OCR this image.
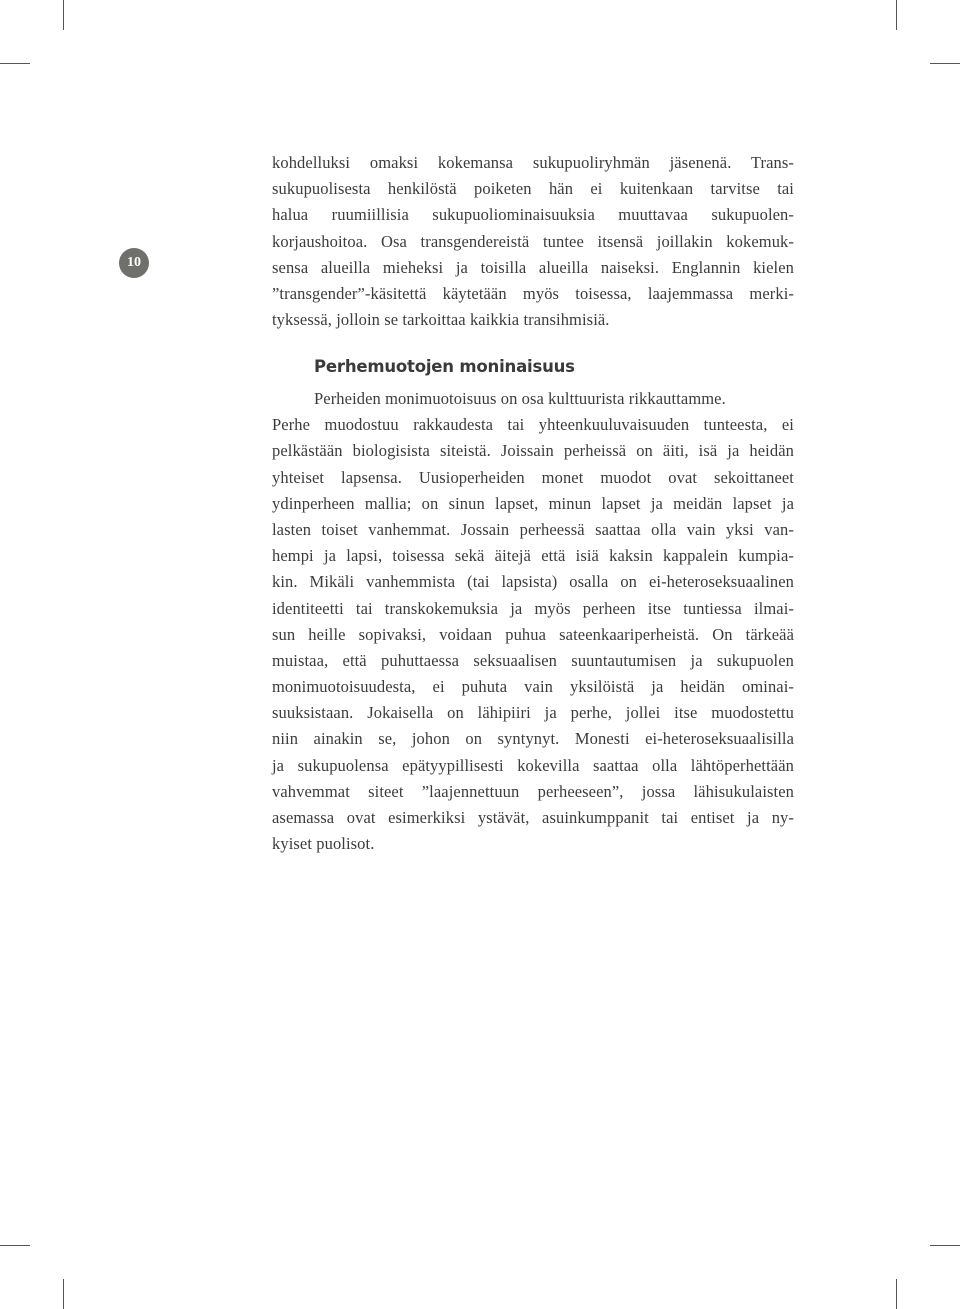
10
kohdelluksi omaksi kokemansa sukupuoliryhmän jäsenenä. Trans-
sukupuolisesta henkilöstä poiketen hän ei kuitenkaan tarvitse tai
halua ruumiillisia sukupuoliominaisuuksia muuttavaa sukupuolen-
korjaushoitoa. Osa transgendereistä tuntee itsensä joillakin kokemuk-
sensa alueilla mieheksi ja toisilla alueilla naiseksi. Englannin kielen
”transgender”-käsitettä käytetään myös toisessa, laajemmassa merki-
tyksessä, jolloin se tarkoittaa kaikkia transihmisiä.
Perhemuotojen moninaisuus
Perheiden monimuotoisuus on osa kulttuurista rikkauttamme.
Perhe muodostuu rakkaudesta tai yhteenkuuluvaisuuden tunteesta, ei
pelkästään biologisista siteistä. Joissain perheissä on äiti, isä ja heidän
yhteiset lapsensa. Uusioperheiden monet muodot ovat sekoittaneet
ydinperheen mallia; on sinun lapset, minun lapset ja meidän lapset ja
lasten toiset vanhemmat. Jossain perheessä saattaa olla vain yksi van-
hempi ja lapsi, toisessa sekä äitejä että isiä kaksin kappalein kumpia-
kin. Mikäli vanhemmista (tai lapsista) osalla on ei-heteroseksuaalinen
identiteetti tai transkokemuksia ja myös perheen itse tuntiessa ilmai-
sun heille sopivaksi, voidaan puhua sateenkaariperheistä. On tärkeää
muistaa, että puhuttaessa seksuaalisen suuntautumisen ja sukupuolen
monimuotoisuudesta, ei puhuta vain yksilöistä ja heidän ominai-
suuksistaan. Jokaisella on lähipiiri ja perhe, jollei itse muodostettu
niin ainakin se, johon on syntynyt. Monesti ei-heteroseksuaalisilla
ja sukupuolensa epätyypillisesti kokevilla saattaa olla lähtöperhettään
vahvemmat siteet ”laajennettuun perheeseen”, jossa lähisukulaisten
asemassa ovat esimerkiksi ystävät, asuinkumppanit tai entiset ja ny-
kyiset puolisot.
